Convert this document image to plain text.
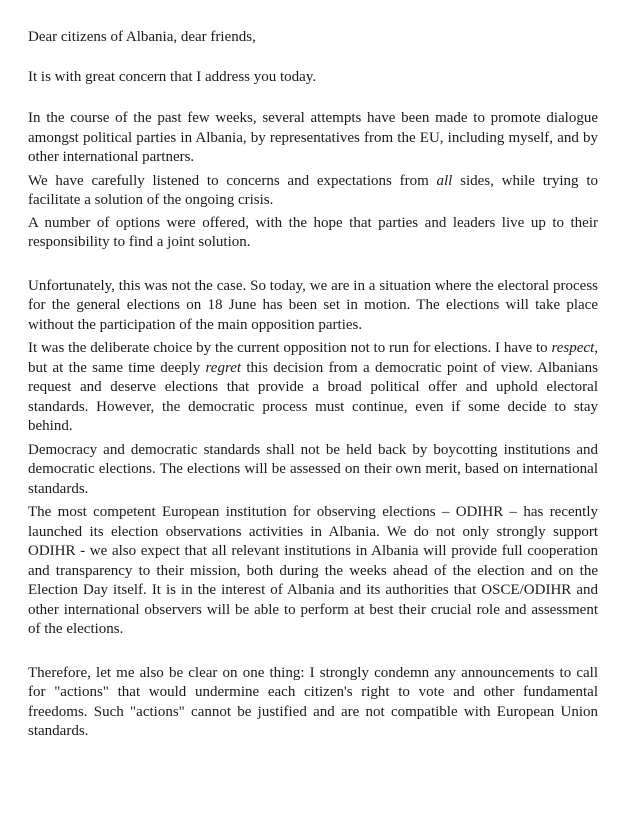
Dear citizens of Albania, dear friends,

It is with great concern that I address you today.

In the course of the past few weeks, several attempts have been made to promote dialogue amongst political parties in Albania, by representatives from the EU, including myself, and by other international partners.

We have carefully listened to concerns and expectations from all sides, while trying to facilitate a solution of the ongoing crisis.

A number of options were offered, with the hope that parties and leaders live up to their responsibility to find a joint solution.

Unfortunately, this was not the case. So today, we are in a situation where the electoral process for the general elections on 18 June has been set in motion. The elections will take place without the participation of the main opposition parties.

It was the deliberate choice by the current opposition not to run for elections. I have to respect, but at the same time deeply regret this decision from a democratic point of view. Albanians request and deserve elections that provide a broad political offer and uphold electoral standards. However, the democratic process must continue, even if some decide to stay behind.

Democracy and democratic standards shall not be held back by boycotting institutions and democratic elections. The elections will be assessed on their own merit, based on international standards.

The most competent European institution for observing elections – ODIHR – has recently launched its election observations activities in Albania. We do not only strongly support ODIHR - we also expect that all relevant institutions in Albania will provide full cooperation and transparency to their mission, both during the weeks ahead of the election and on the Election Day itself. It is in the interest of Albania and its authorities that OSCE/ODIHR and other international observers will be able to perform at best their crucial role and assessment of the elections.

Therefore, let me also be clear on one thing: I strongly condemn any announcements to call for "actions" that would undermine each citizen's right to vote and other fundamental freedoms. Such "actions" cannot be justified and are not compatible with European Union standards.
